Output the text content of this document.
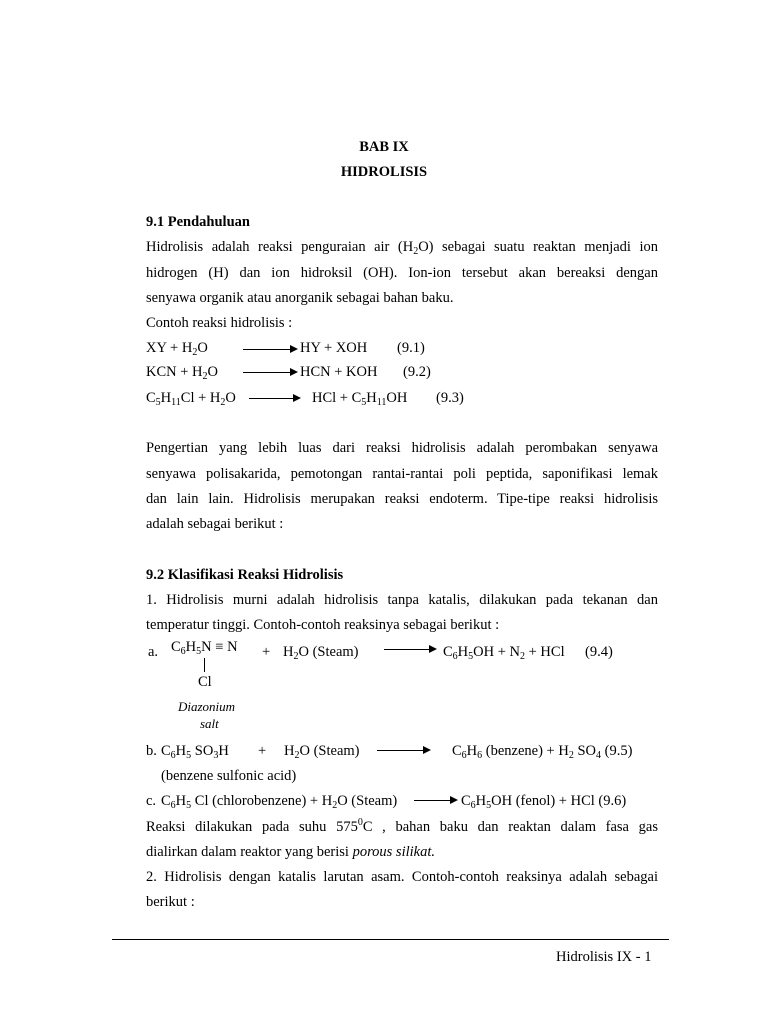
BAB IX
HIDROLISIS
9.1 Pendahuluan
Hidrolisis adalah reaksi penguraian air $(H_2O)$ sebagai suatu reaktan menjadi ion
hidrogen (H) dan ion hidroksil (OH). Ion-ion tersebut akan bereaksi dengan
senyawa organik atau anorganik sebagai bahan baku.
Contoh reaksi hidrolisis :
XY + $H_2O$ → HY + XOH (9.1)
KCN + $H_2O$ → HCN + KOH (9.2)
$C_5H_{11}Cl + H_2O$ → HCl + $C_5H_{11}OH$ (9.3)
Pengertian yang lebih luas dari reaksi hidrolisis adalah perombakan senyawa
senyawa polisakarida, pemotongan rantai-rantai poli peptida, saponifikasi lemak
dan lain lain. Hidrolisis merupakan reaksi endoterm. Tipe-tipe reaksi hidrolisis
adalah sebagai berikut :
9.2 Klasifikasi Reaksi Hidrolisis
1. Hidrolisis murni adalah hidrolisis tanpa katalis, dilakukan pada tekanan dan
temperatur tinggi. Contoh-contoh reaksinya sebagai berikut :
a. $C_6H_5N \equiv N$
Cl
+ $H_2O$ (Steam) → $C_6H_5OH + N_2$ + HCl (9.4)
Diazonium
salt
b. $C_6H_5$ $SO_3H + H_2O$ (Steam) → $C_6H_6$ (benzene) + $H_2$ $SO_4$ (9.5)
(benzene sulfonic acid)
c. $C_6H_5$ Cl (chlorobenzene) + $H_2O$ (Steam) → $C_6H_5OH$ (fenol) + HCl (9.6)
Reaksi dilakukan pada suhu $575^0C$ , bahan baku dan reaktan dalam fasa gas
dialirkan dalam reaktor yang berisi porous silikat.
2. Hidrolisis dengan katalis larutan asam. Contoh-contoh reaksinya adalah sebagai
berikut :
Hidrolisis IX - 1
